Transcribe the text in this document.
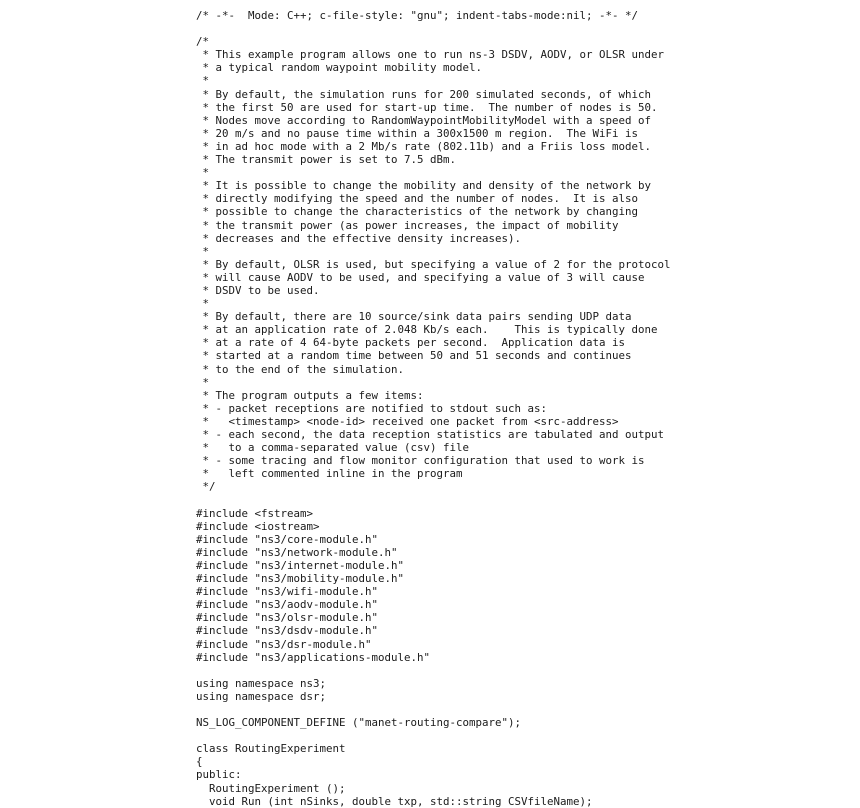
/* -*-  Mode: C++; c-file-style: "gnu"; indent-tabs-mode:nil; -*- */
/*
* This example program allows one to run ns-3 DSDV, AODV, or OLSR under
* a typical random waypoint mobility model.
*
* By default, the simulation runs for 200 simulated seconds, of which
* the first 50 are used for start-up time.  The number of nodes is 50.
* Nodes move according to RandomWaypointMobilityModel with a speed of
* 20 m/s and no pause time within a 300x1500 m region.  The WiFi is
* in ad hoc mode with a 2 Mb/s rate (802.11b) and a Friis loss model.
* The transmit power is set to 7.5 dBm.
*
* It is possible to change the mobility and density of the network by
* directly modifying the speed and the number of nodes.  It is also
* possible to change the characteristics of the network by changing
* the transmit power (as power increases, the impact of mobility
* decreases and the effective density increases).
*
* By default, OLSR is used, but specifying a value of 2 for the protocol
* will cause AODV to be used, and specifying a value of 3 will cause
* DSDV to be used.
*
* By default, there are 10 source/sink data pairs sending UDP data
* at an application rate of 2.048 Kb/s each.    This is typically done
* at a rate of 4 64-byte packets per second.  Application data is
* started at a random time between 50 and 51 seconds and continues
* to the end of the simulation.
*
* The program outputs a few items:
* - packet receptions are notified to stdout such as:
*   <timestamp> <node-id> received one packet from <src-address>
* - each second, the data reception statistics are tabulated and output
*   to a comma-separated value (csv) file
* - some tracing and flow monitor configuration that used to work is
*   left commented inline in the program
*/
#include <fstream>
#include <iostream>
#include "ns3/core-module.h"
#include "ns3/network-module.h"
#include "ns3/internet-module.h"
#include "ns3/mobility-module.h"
#include "ns3/wifi-module.h"
#include "ns3/aodv-module.h"
#include "ns3/olsr-module.h"
#include "ns3/dsdv-module.h"
#include "ns3/dsr-module.h"
#include "ns3/applications-module.h"
using namespace ns3;
using namespace dsr;
NS_LOG_COMPONENT_DEFINE ("manet-routing-compare");
class RoutingExperiment
{
public:
RoutingExperiment ();
void Run (int nSinks, double txp, std::string CSVfileName);
